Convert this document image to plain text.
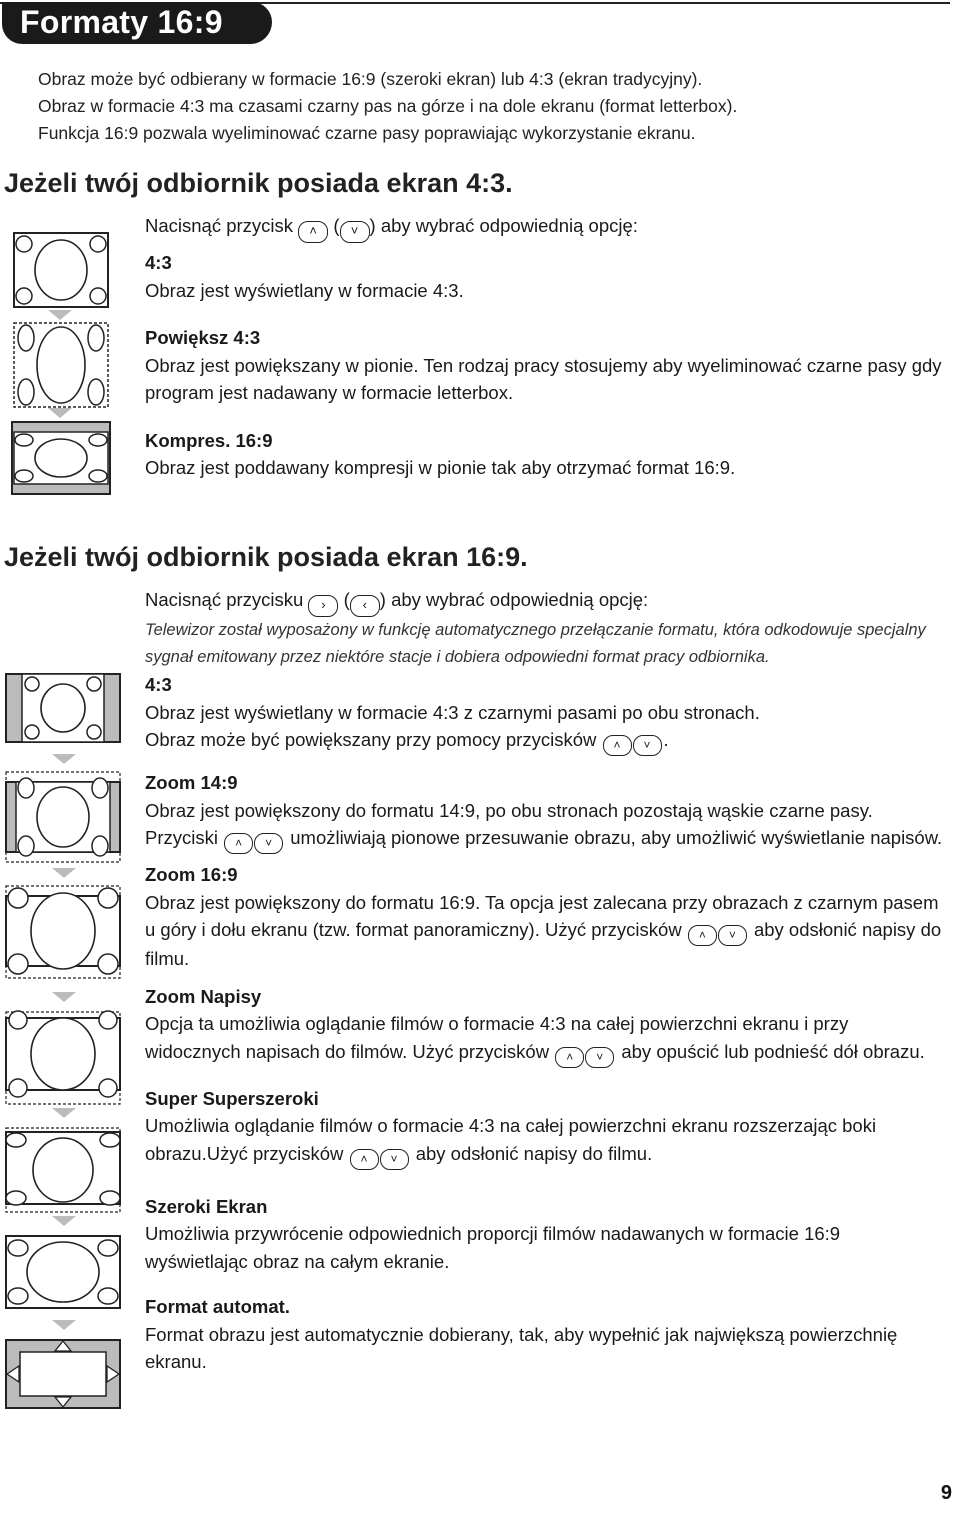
Formaty 16:9

Obraz może być odbierany w formacie 16:9 (szeroki ekran) lub 4:3 (ekran tradycyjny).

Obraz w formacie 4:3 ma czasami czarny pas na górze i na dole ekranu (format letterbox).

Funkcja 16:9 pozwala wyeliminować czarne pasy poprawiając wykorzystanie ekranu.

Jeżeli twój odbiornik posiada ekran 4:3.

Nacisnąć przycisk ˄ ( ˅ ) aby wybrać odpowiednią opcję:

4:3

Obraz jest wyświetlany w formacie 4:3.

Powiększ 4:3

Obraz jest powiększany w pionie. Ten rodzaj pracy stosujemy aby wyeliminować czarne pasy gdy program jest nadawany w formacie letterbox.

Kompres. 16:9

Obraz jest poddawany kompresji w pionie tak aby otrzymać format 16:9.

Jeżeli twój odbiornik posiada ekran 16:9.

Nacisnąć przycisku › ( ‹ ) aby wybrać odpowiednią opcję:

Telewizor został wyposażony w funkcję automatycznego przełączanie formatu, która odkodowuje specjalny sygnał emitowany przez niektóre stacje i dobiera odpowiedni format pracy odbiornika.

4:3

Obraz jest wyświetlany w formacie 4:3 z czarnymi pasami po obu stronach.

Obraz może być powiększany przy pomocy przycisków ˄ ˅ .

Zoom 14:9

Obraz jest powiększony do formatu 14:9, po obu stronach pozostają wąskie czarne pasy.

Przyciski ˄ ˅ umożliwiają pionowe przesuwanie obrazu, aby umożliwić wyświetlanie napisów.

Zoom 16:9

Obraz jest powiększony do formatu 16:9. Ta opcja jest zalecana przy obrazach z czarnym pasem u góry i dołu ekranu (tzw. format panoramiczny). Użyć przycisków ˄ ˅ aby odsłonić napisy do filmu.

Zoom Napisy

Opcja ta umożliwia oglądanie filmów o formacie 4:3 na całej powierzchni ekranu i przy widocznych napisach do filmów. Użyć przycisków ˄ ˅ aby opuścić lub podnieść dół obrazu.

Super Superszeroki

Umożliwia oglądanie filmów o formacie 4:3 na całej powierzchni ekranu rozszerzając boki obrazu.Użyć przycisków ˄ ˅ aby odsłonić napisy do filmu.

Szeroki Ekran

Umożliwia przywrócenie odpowiednich proporcji filmów nadawanych w formacie 16:9 wyświetlając obraz na całym ekranie.

Format automat.

Format obrazu jest automatycznie dobierany, tak, aby wypełnić jak największą powierzchnię ekranu.

9
